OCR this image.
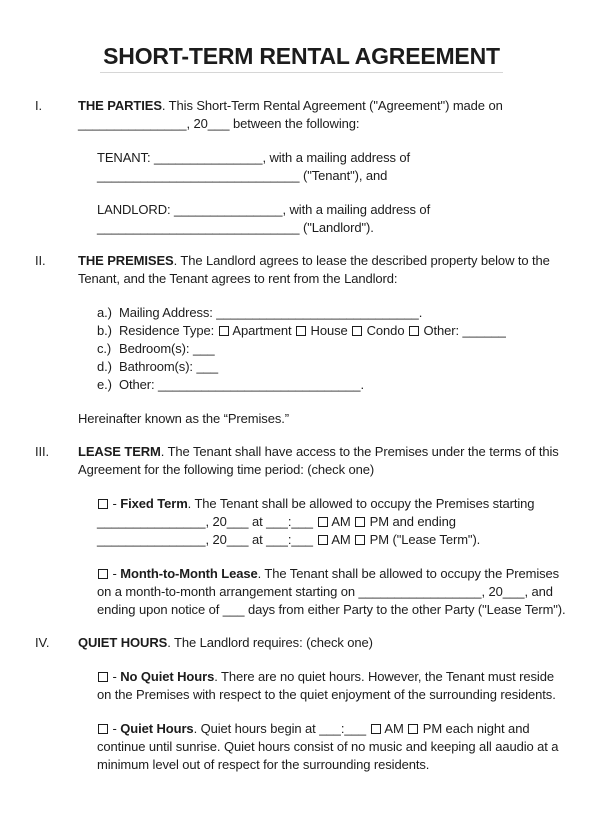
SHORT-TERM RENTAL AGREEMENT
I.	THE PARTIES. This Short-Term Rental Agreement ("Agreement") made on _______________, 20___ between the following:

TENANT: _______________, with a mailing address of ____________________________ ("Tenant"), and

LANDLORD: _______________, with a mailing address of ____________________________ ("Landlord").

II.	THE PREMISES. The Landlord agrees to lease the described property below to the Tenant, and the Tenant agrees to rent from the Landlord:

a.) Mailing Address: ____________________________.
b.) Residence Type:  Apartment  House  Condo  Other: ______
c.) Bedroom(s): ___
d.) Bathroom(s): ___
e.) Other: ____________________________.

Hereinafter known as the “Premises.”

III.	LEASE TERM. The Tenant shall have access to the Premises under the terms of this Agreement for the following time period: (check one)

- Fixed Term. The Tenant shall be allowed to occupy the Premises starting _______________, 20___ at ___:___  AM  PM and ending _______________, 20___ at ___:___  AM  PM ("Lease Term").

- Month-to-Month Lease. The Tenant shall be allowed to occupy the Premises on a month-to-month arrangement starting on _________________, 20___, and ending upon notice of ___ days from either Party to the other Party ("Lease Term").

IV.	QUIET HOURS. The Landlord requires: (check one)

- No Quiet Hours. There are no quiet hours. However, the Tenant must reside on the Premises with respect to the quiet enjoyment of the surrounding residents.

- Quiet Hours. Quiet hours begin at ___:___  AM  PM each night and continue until sunrise. Quiet hours consist of no music and keeping all aaudio at a minimum level out of respect for the surrounding residents.
